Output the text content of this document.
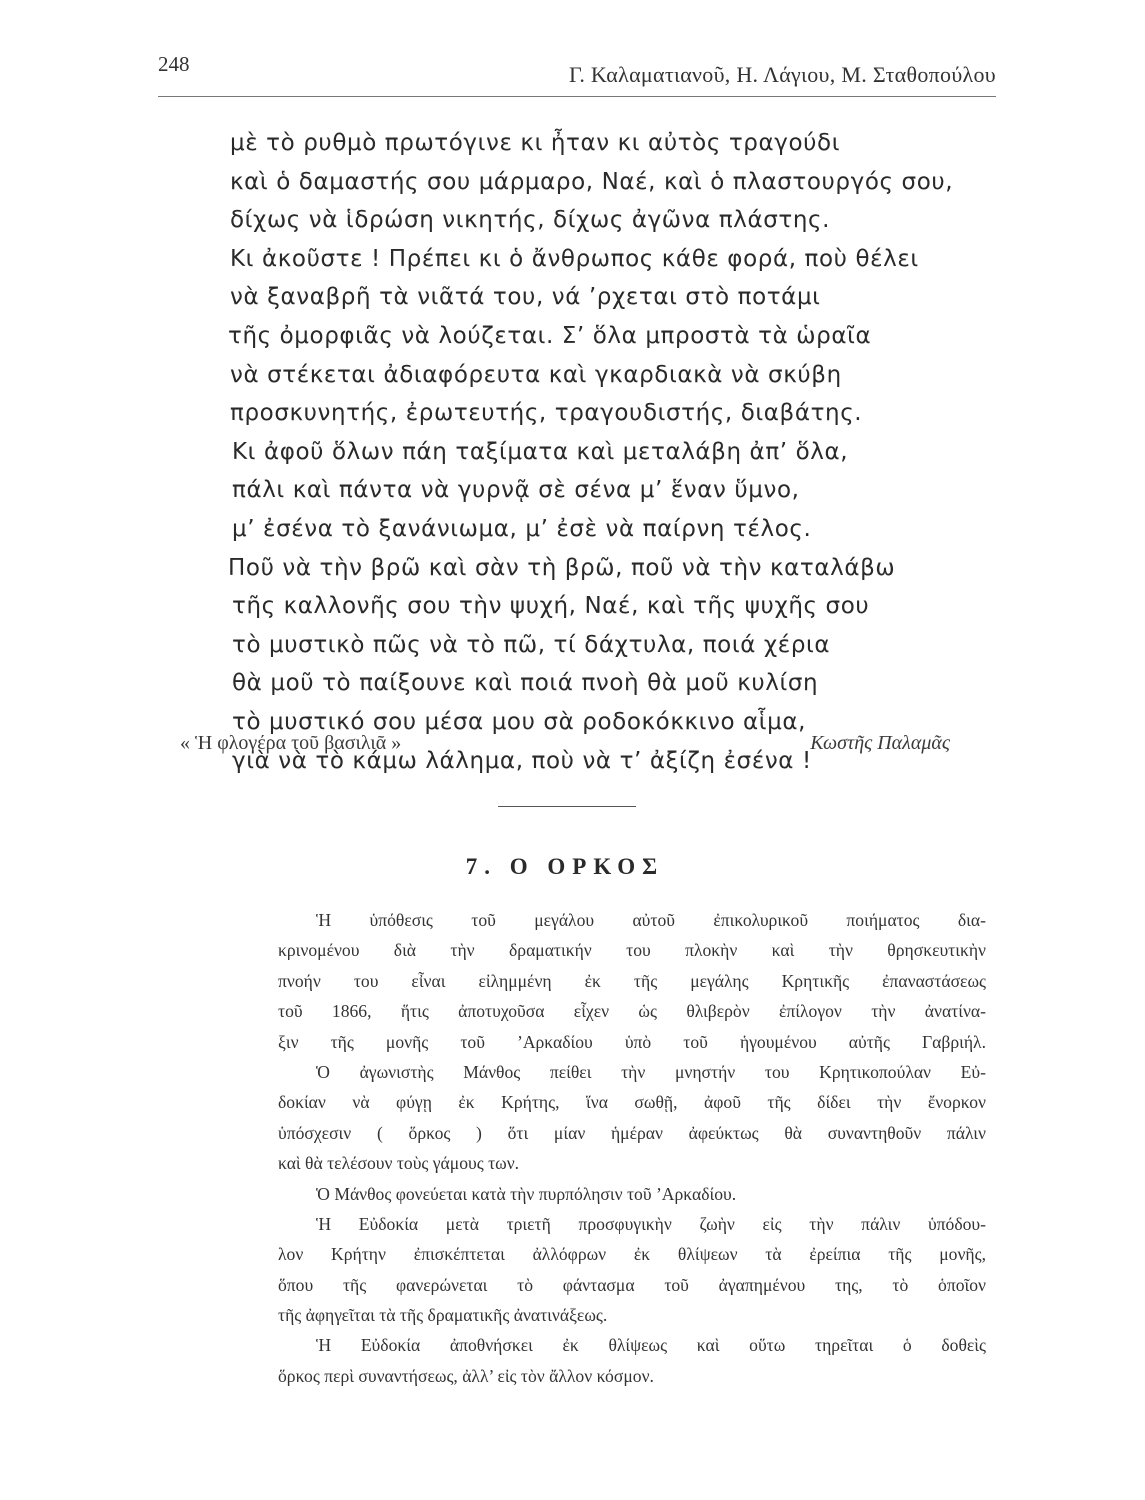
248	Γ. Καλαματιανοῦ, Η. Λάγιου, Μ. Σταθοπούλου
μὲ τὸ ρυθμὸ πρωτόγινε κι ἦταν κι αὐτὸς τραγούδι
καὶ ὁ δαμαστής σου μάρμαρο, Ναέ, καὶ ὁ πλαστουργός σου,
δίχως νὰ ἱδρώση νικητής, δίχως ἀγῶνα πλάστης.
Κι ἀκοῦστε ! Πρέπει κι ὁ ἄνθρωπος κάθε φορά, ποὺ θέλει
νὰ ξαναβρῆ τὰ νιᾶτά του, νά ’ρχεται στὸ ποτάμι
τῆς ὀμορφιᾶς νὰ λούζεται. Σ’ ὅλα μπροστὰ τὰ ὡραῖα
νὰ στέκεται ἀδιαφόρευτα καὶ γκαρδιακὰ νὰ σκύβη
προσκυνητής, ἐρωτευτής, τραγουδιστής, διαβάτης.
Κι ἀφοῦ ὅλων πάη ταξίματα καὶ μεταλάβη ἀπ’ ὅλα,
πάλι καὶ πάντα νὰ γυρνᾷ σὲ σένα μ’ ἕναν ὕμνο,
μ’ ἐσένα τὸ ξανάνιωμα, μ’ ἐσὲ νὰ παίρνη τέλος.
Ποῦ νὰ τὴν βρῶ καὶ σὰν τὴ βρῶ, ποῦ νὰ τὴν καταλάβω
τῆς καλλονῆς σου τὴν ψυχή, Ναέ, καὶ τῆς ψυχῆς σου
τὸ μυστικὸ πῶς νὰ τὸ πῶ, τί δάχτυλα, ποιά χέρια
θὰ μοῦ τὸ παίξουνε καὶ ποιά πνοὴ θὰ μοῦ κυλίση
τὸ μυστικό σου μέσα μου σὰ ροδοκόκκινο αἷμα,
γιὰ νὰ τὸ κάμω λάλημα, ποὺ νὰ τ’ ἀξίζη ἐσένα !
« Ἡ φλογέρα τοῦ βασιλιᾶ »	Κωστῆς Παλαμᾶς
7. Ο ΟΡΚΟΣ
Ἡ ὑπόθεσις τοῦ μεγάλου αὐτοῦ ἐπικολυρικοῦ ποιήματος δια-
κρινομένου διὰ τὴν δραματικήν του πλοκὴν καὶ τὴν θρησκευτικὴν
πνοήν του εἶναι εἰλημμένη ἐκ τῆς μεγάλης Κρητικῆς ἐπαναστάσεως
τοῦ 1866, ἥτις ἀποτυχοῦσα εἶχεν ὡς θλιβερὸν ἐπίλογον τὴν ἀνατίνα-
ξιν τῆς μονῆς τοῦ ’Αρκαδίου ὑπὸ τοῦ ἡγουμένου αὐτῆς Γαβριήλ.
Ὁ ἀγωνιστὴς Μάνθος πείθει τὴν μνηστήν του Κρητικοπούλαν Εὐ-
δοκίαν νὰ φύγῃ ἐκ Κρήτης, ἵνα σωθῇ, ἀφοῦ τῆς δίδει τὴν ἔνορκον
ὑπόσχεσιν ( ὅρκος ) ὅτι μίαν ἡμέραν ἀφεύκτως θὰ συναντηθοῦν πάλιν
καὶ θὰ τελέσουν τοὺς γάμους των.
Ὁ Μάνθος φονεύεται κατὰ τὴν πυρπόλησιν τοῦ ’Αρκαδίου.
Ἡ Εὐδοκία μετὰ τριετῆ προσφυγικὴν ζωὴν εἰς τὴν πάλιν ὑπόδου-
λον Κρήτην ἐπισκέπτεται ἀλλόφρων ἐκ θλίψεων τὰ ἐρείπια τῆς μονῆς,
ὅπου τῆς φανερώνεται τὸ φάντασμα τοῦ ἀγαπημένου της, τὸ ὁποῖον
τῆς ἀφηγεῖται τὰ τῆς δραματικῆς ἀνατινάξεως.
Ἡ Εὐδοκία ἀποθνήσκει ἐκ θλίψεως καὶ οὕτω τηρεῖται ὁ δοθεὶς
ὅρκος περὶ συναντήσεως, ἀλλ’ εἰς τὸν ἄλλον κόσμον.
